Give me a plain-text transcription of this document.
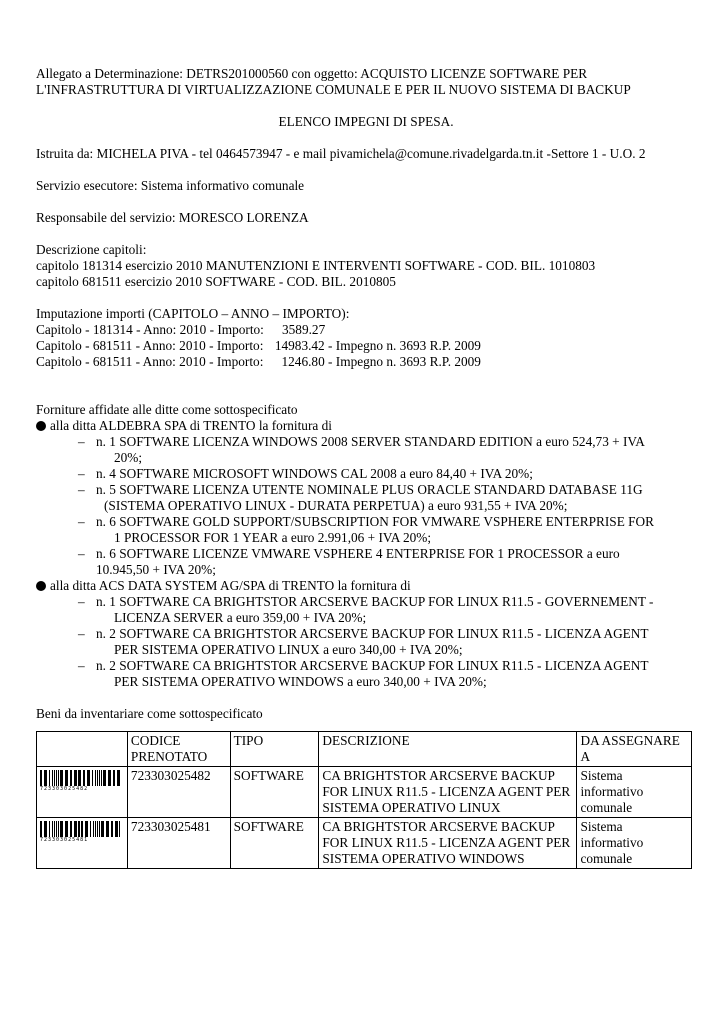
Allegato a Determinazione: DETRS201000560 con oggetto: ACQUISTO LICENZE SOFTWARE PER

L'INFRASTRUTTURA DI VIRTUALIZZAZIONE COMUNALE E PER IL NUOVO SISTEMA DI BACKUP

ELENCO IMPEGNI DI SPESA.

Istruita da: MICHELA PIVA - tel 0464573947 - e mail pivamichela@comune.rivadelgarda.tn.it -Settore 1 - U.O. 2

Servizio esecutore: Sistema informativo comunale

Responsabile del servizio: MORESCO LORENZA

Descrizione capitoli:

capitolo 181314 esercizio 2010 MANUTENZIONI E INTERVENTI SOFTWARE - COD. BIL. 1010803

capitolo 681511 esercizio 2010 SOFTWARE - COD. BIL. 2010805

Imputazione importi (CAPITOLO – ANNO – IMPORTO):

Capitolo - 181314 - Anno: 2010 - Importo: 3589.27

Capitolo - 681511 - Anno: 2010 - Importo: 14983.42 - Impegno n. 3693 R.P. 2009

Capitolo - 681511 - Anno: 2010 - Importo: 1246.80 - Impegno n. 3693 R.P. 2009

Forniture affidate alle ditte come sottospecificato

alla ditta ALDEBRA SPA di TRENTO la fornitura di
– n. 1 SOFTWARE LICENZA WINDOWS 2008 SERVER STANDARD EDITION a euro 524,73 + IVA
20%;
– n. 4 SOFTWARE MICROSOFT WINDOWS CAL 2008 a euro 84,40 + IVA 20%;
– n. 5 SOFTWARE LICENZA UTENTE NOMINALE PLUS ORACLE STANDARD DATABASE 11G
(SISTEMA OPERATIVO LINUX - DURATA PERPETUA) a euro 931,55 + IVA 20%;
– n. 6 SOFTWARE GOLD SUPPORT/SUBSCRIPTION FOR VMWARE VSPHERE ENTERPRISE FOR
1 PROCESSOR FOR 1 YEAR a euro 2.991,06 + IVA 20%;
– n. 6 SOFTWARE LICENZE VMWARE VSPHERE 4 ENTERPRISE FOR 1 PROCESSOR a euro
10.945,50 + IVA 20%;
alla ditta ACS DATA SYSTEM AG/SPA di TRENTO la fornitura di
– n. 1 SOFTWARE CA BRIGHTSTOR ARCSERVE BACKUP FOR LINUX R11.5 - GOVERNEMENT -
LICENZA SERVER a euro 359,00 + IVA 20%;
– n. 2 SOFTWARE CA BRIGHTSTOR ARCSERVE BACKUP FOR LINUX R11.5 - LICENZA AGENT
PER SISTEMA OPERATIVO LINUX a euro 340,00 + IVA 20%;
– n. 2 SOFTWARE CA BRIGHTSTOR ARCSERVE BACKUP FOR LINUX R11.5 - LICENZA AGENT
PER SISTEMA OPERATIVO WINDOWS a euro 340,00 + IVA 20%;

Beni da inventariare come sottospecificato

	CODICE PRENOTATO	TIPO	DESCRIZIONE	DA ASSEGNARE A

723303025482	723303025482	SOFTWARE	CA BRIGHTSTOR ARCSERVE BACKUP FOR LINUX R11.5 - LICENZA AGENT PER SISTEMA OPERATIVO LINUX	Sistema informativo comunale

723303025481	723303025481	SOFTWARE	CA BRIGHTSTOR ARCSERVE BACKUP FOR LINUX R11.5 - LICENZA AGENT PER SISTEMA OPERATIVO WINDOWS	Sistema informativo comunale
